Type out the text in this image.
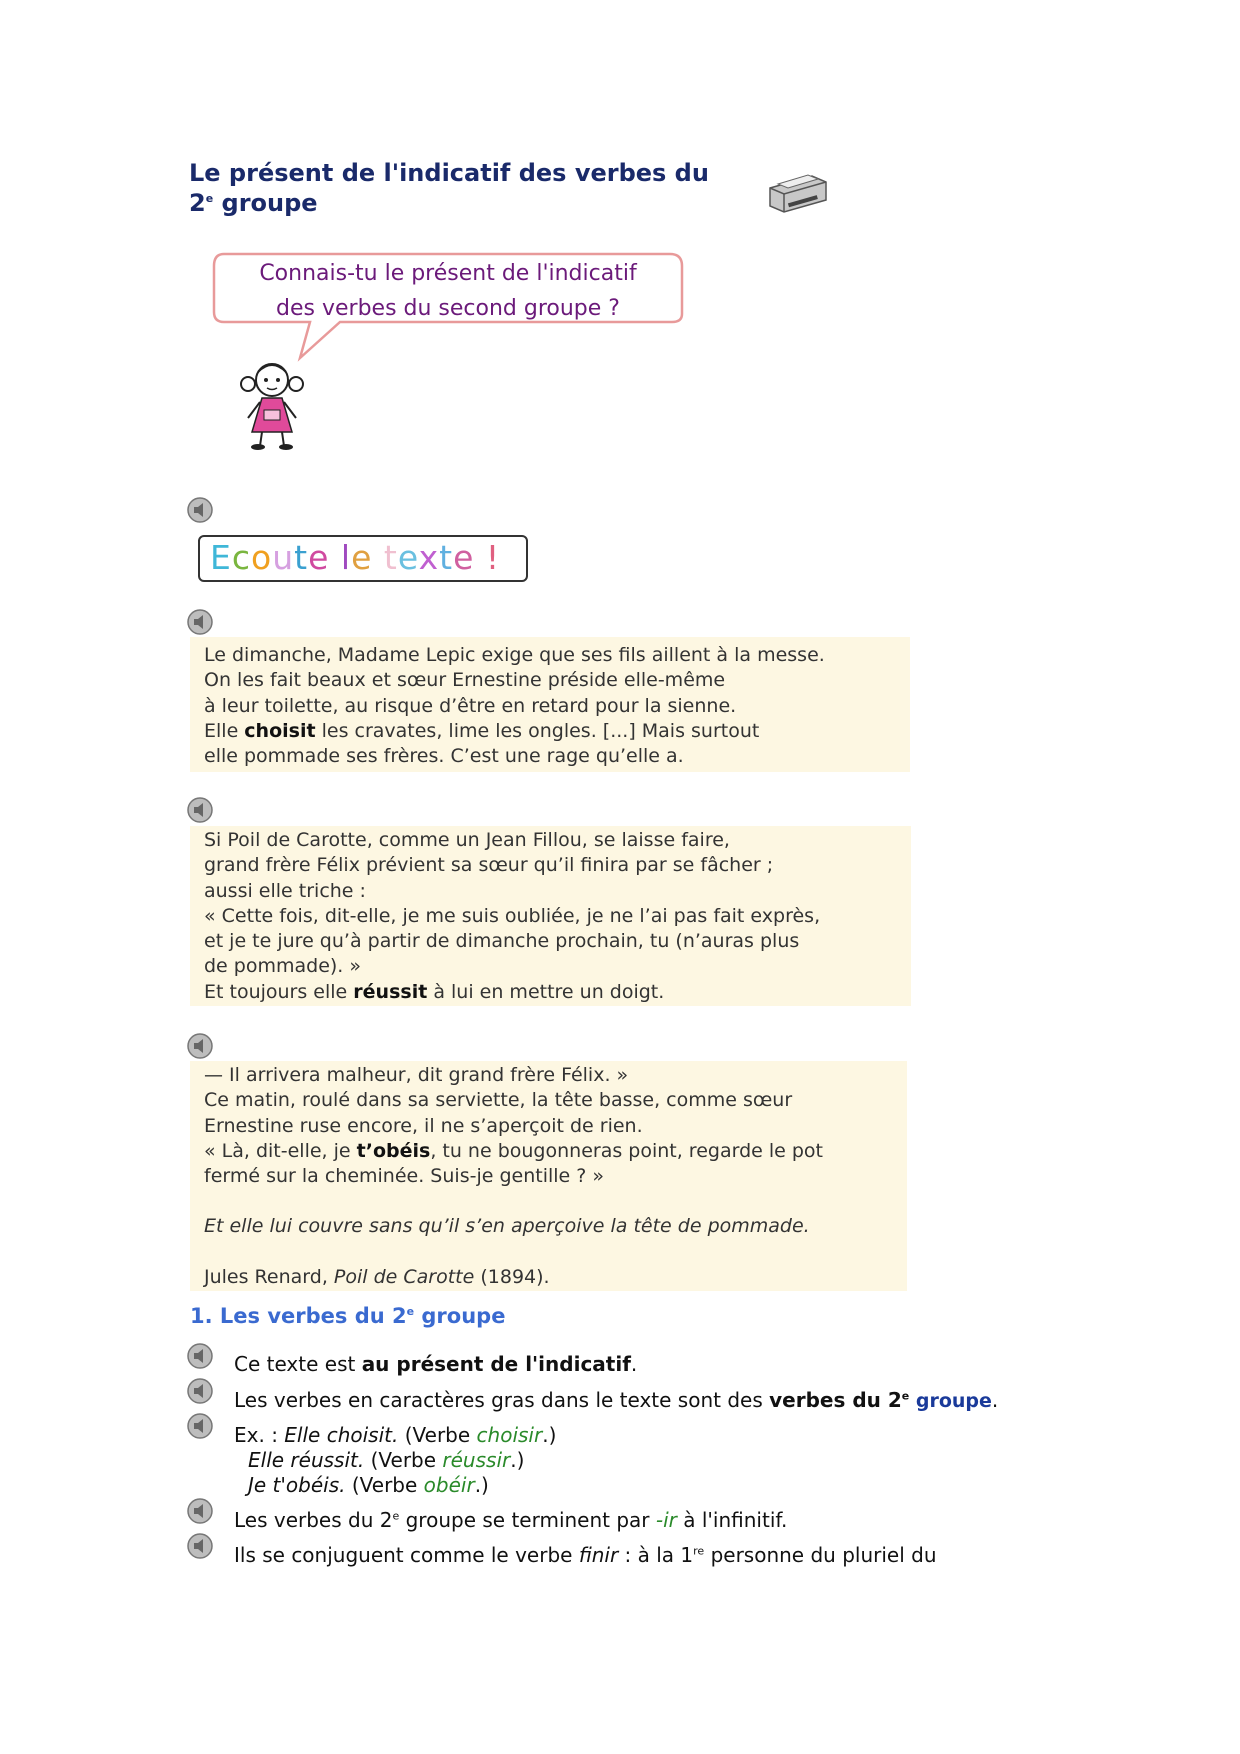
Le présent de l'indicatif des verbes du
2e groupe
Connais-tu le présent de l'indicatif
des verbes du second groupe ?
Ecoute le texte !

Le dimanche, Madame Lepic exige que ses fils aillent à la messe.
On les fait beaux et sœur Ernestine préside elle-même
à leur toilette, au risque d’être en retard pour la sienne.
Elle choisit les cravates, lime les ongles. [...] Mais surtout
elle pommade ses frères. C’est une rage qu’elle a.

Si Poil de Carotte, comme un Jean Fillou, se laisse faire,
grand frère Félix prévient sa sœur qu’il finira par se fâcher ;
aussi elle triche :
« Cette fois, dit-elle, je me suis oubliée, je ne l’ai pas fait exprès,
et je te jure qu’à partir de dimanche prochain, tu (n’auras plus
de pommade). »
Et toujours elle réussit à lui en mettre un doigt.

— Il arrivera malheur, dit grand frère Félix. »
Ce matin, roulé dans sa serviette, la tête basse, comme sœur
Ernestine ruse encore, il ne s’aperçoit de rien.
« Là, dit-elle, je t’obéis, tu ne bougonneras point, regarde le pot
fermé sur la cheminée. Suis-je gentille ? »

Et elle lui couvre sans qu’il s’en aperçoive la tête de pommade.

Jules Renard, Poil de Carotte (1894).

1. Les verbes du 2e groupe
Ce texte est au présent de l'indicatif.
Les verbes en caractères gras dans le texte sont des verbes du 2e groupe.
Ex. : Elle choisit. (Verbe choisir.)
Elle réussit. (Verbe réussir.)
Je t'obéis. (Verbe obéir.)
Les verbes du 2e groupe se terminent par -ir à l'infinitif.
Ils se conjuguent comme le verbe finir : à la 1re personne du pluriel du
